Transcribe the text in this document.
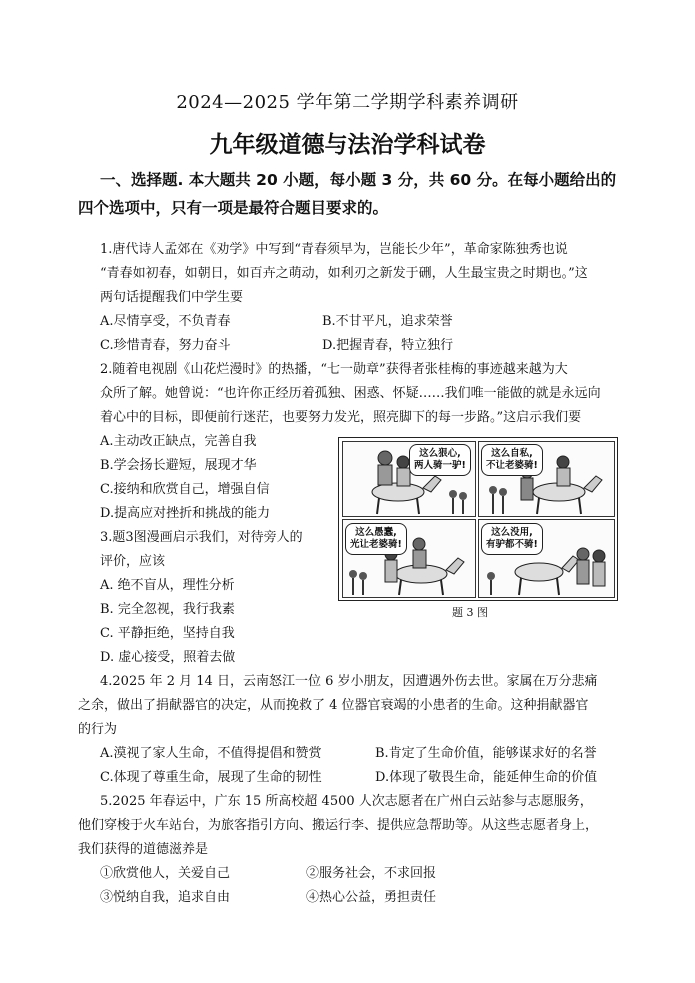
2024—2025 学年第二学期学科素养调研
九年级道德与法治学科试卷
一、选择题. 本大题共 20 小题，每小题 3 分，共 60 分。在每小题给出的
四个选项中，只有一项是最符合题目要求的。
1.唐代诗人孟郊在《劝学》中写到“青春须早为，岂能长少年”，革命家陈独秀也说
“青春如初春，如朝日，如百卉之萌动，如利刃之新发于硎，人生最宝贵之时期也。”这
两句话提醒我们中学生要
A.尽情享受，不负青春	B.不甘平凡，追求荣誉
C.珍惜青春，努力奋斗	D.把握青春，特立独行
2.随着电视剧《山花烂漫时》的热播，“七一勋章”获得者张桂梅的事迹越来越为大
众所了解。她曾说：“也许你正经历着孤独、困惑、怀疑……我们唯一能做的就是永远向
着心中的目标，即便前行迷茫，也要努力发光，照亮脚下的每一步路。”这启示我们要
A.主动改正缺点，完善自我
B.学会扬长避短，展现才华
C.接纳和欣赏自己，增强自信
D.提高应对挫折和挑战的能力
3.题3图漫画启示我们，对待旁人的
评价，应该
A. 绝不盲从，理性分析
B. 完全忽视，我行我素
C. 平静拒绝，坚持自我
D. 虚心接受，照着去做
这么狠心,
两人骑一驴!
这么自私,
不让老婆骑!
这么愚蠢,
光让老婆骑!
这么没用,
有驴都不骑!
题 3 图
4.2025 年 2 月 14 日，云南怒江一位 6 岁小朋友，因遭遇外伤去世。家属在万分悲痛
之余，做出了捐献器官的决定，从而挽救了 4 位器官衰竭的小患者的生命。这种捐献器官
的行为
A.漠视了家人生命，不值得提倡和赞赏	B.肯定了生命价值，能够谋求好的名誉
C.体现了尊重生命，展现了生命的韧性	D.体现了敬畏生命，能延伸生命的价值
5.2025 年春运中，广东 15 所高校超 4500 人次志愿者在广州白云站参与志愿服务，
他们穿梭于火车站台，为旅客指引方向、搬运行李、提供应急帮助等。从这些志愿者身上，
我们获得的道德滋养是
①欣赏他人，关爱自己	②服务社会，不求回报
③悦纳自我，追求自由	④热心公益，勇担责任
